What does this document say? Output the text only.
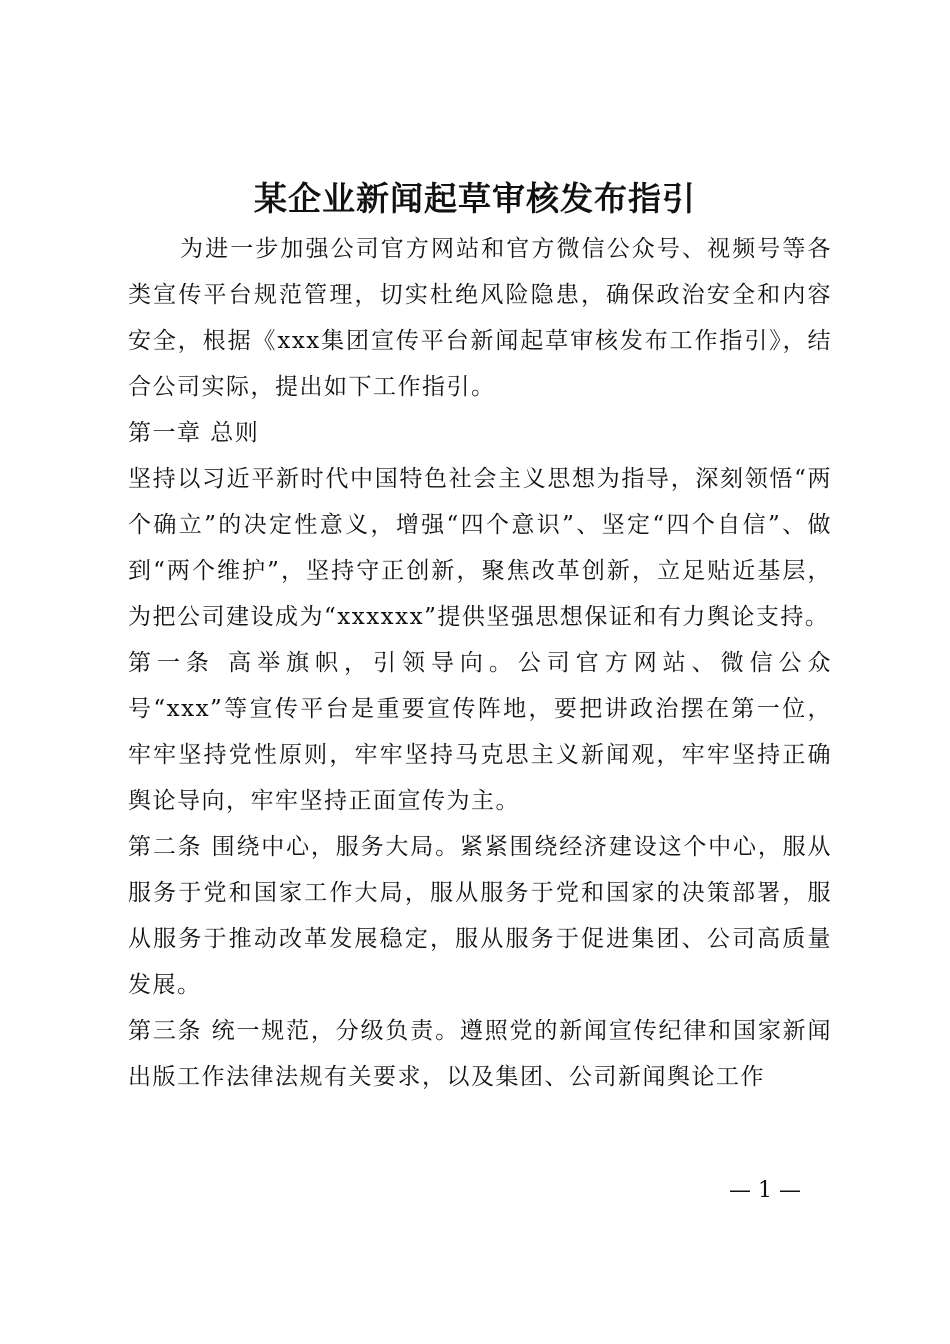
某企业新闻起草审核发布指引

为进一步加强公司官方网站和官方微信公众号、视频号等各类宣传平台规范管理，切实杜绝风险隐患，确保政治安全和内容安全，根据《xxx集团宣传平台新闻起草审核发布工作指引》，结合公司实际，提出如下工作指引。

第一章 总则

坚持以习近平新时代中国特色社会主义思想为指导，深刻领悟“两个确立”的决定性意义，增强“四个意识”、坚定“四个自信”、做到“两个维护”，坚持守正创新，聚焦改革创新，立足贴近基层，为把公司建设成为“xxxxxx”提供坚强思想保证和有力舆论支持。

第一条 高举旗帜，引领导向。公司官方网站、微信公众号“xxx”等宣传平台是重要宣传阵地，要把讲政治摆在第一位，牢牢坚持党性原则，牢牢坚持马克思主义新闻观，牢牢坚持正确舆论导向，牢牢坚持正面宣传为主。

第二条 围绕中心，服务大局。紧紧围绕经济建设这个中心，服从服务于党和国家工作大局，服从服务于党和国家的决策部署，服从服务于推动改革发展稳定，服从服务于促进集团、公司高质量发展。

第三条 统一规范，分级负责。遵照党的新闻宣传纪律和国家新闻出版工作法律法规有关要求，以及集团、公司新闻舆论工作

— 1 —
